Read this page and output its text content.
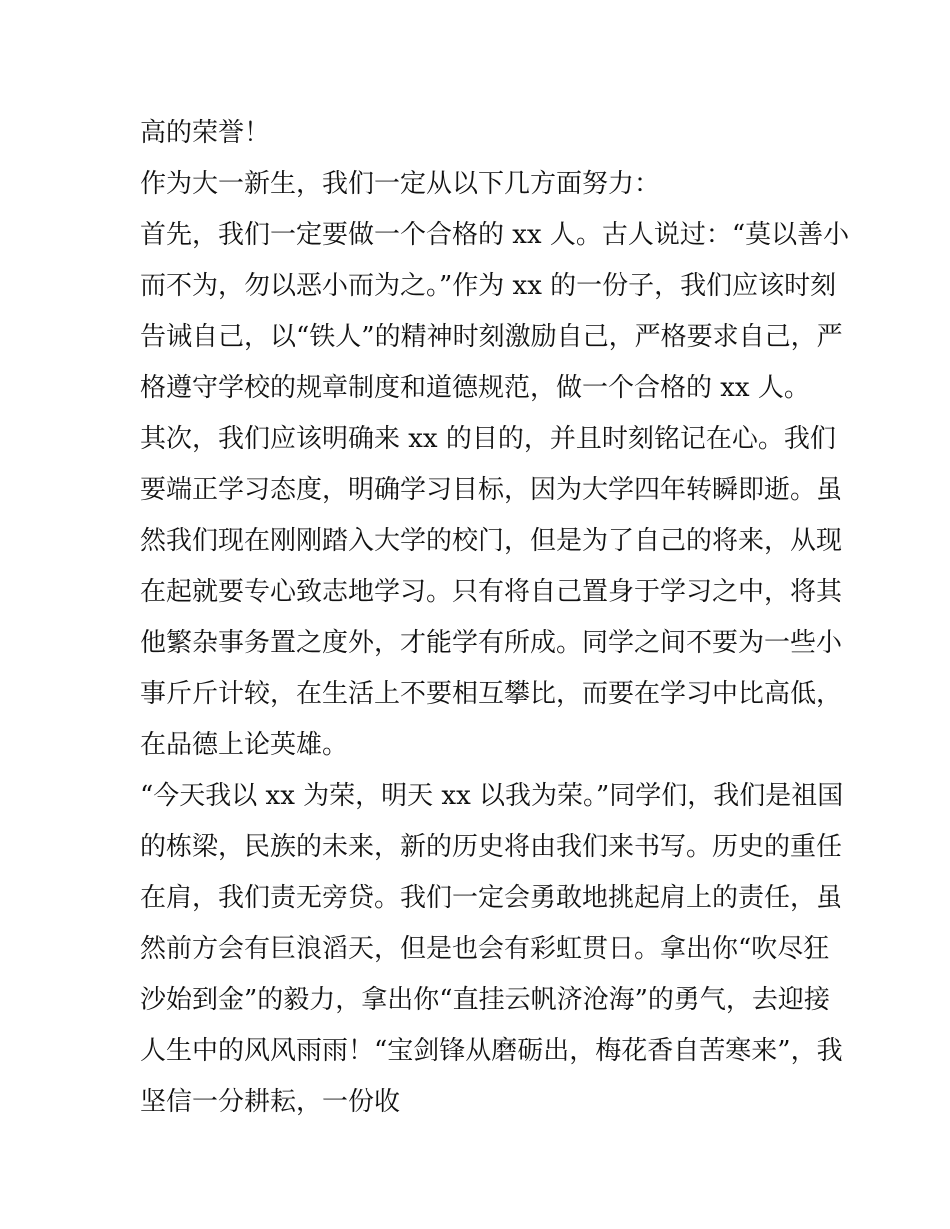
高的荣誉！
作为大一新生，我们一定从以下几方面努力：
首先，我们一定要做一个合格的 xx 人。古人说过：“莫以善小
而不为，勿以恶小而为之。”作为 xx 的一份子，我们应该时刻
告诫自己，以“铁人”的精神时刻激励自己，严格要求自己，严
格遵守学校的规章制度和道德规范，做一个合格的 xx 人。
其次，我们应该明确来 xx 的目的，并且时刻铭记在心。我们
要端正学习态度，明确学习目标，因为大学四年转瞬即逝。虽
然我们现在刚刚踏入大学的校门，但是为了自己的将来，从现
在起就要专心致志地学习。只有将自己置身于学习之中，将其
他繁杂事务置之度外，才能学有所成。同学之间不要为一些小
事斤斤计较，在生活上不要相互攀比，而要在学习中比高低，
在品德上论英雄。
“今天我以 xx 为荣，明天 xx 以我为荣。”同学们，我们是祖国
的栋梁，民族的未来，新的历史将由我们来书写。历史的重任
在肩，我们责无旁贷。我们一定会勇敢地挑起肩上的责任，虽
然前方会有巨浪滔天，但是也会有彩虹贯日。拿出你“吹尽狂
沙始到金”的毅力，拿出你“直挂云帆济沧海”的勇气，去迎接
人生中的风风雨雨！“宝剑锋从磨砺出，梅花香自苦寒来”，我
坚信一分耕耘，一份收
